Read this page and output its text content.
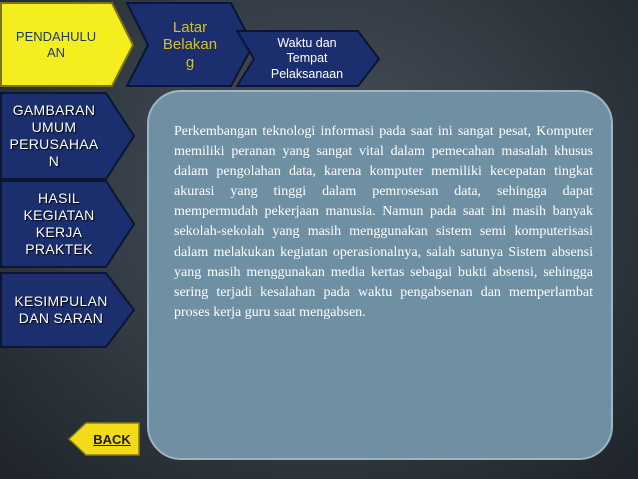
PENDAHULU
AN
Latar
Belakan
g
Waktu dan
Tempat
Pelaksanaan
GAMBARAN
UMUM
PERUSAHAA
N
HASIL
KEGIATAN
KERJA
PRAKTEK
KESIMPULAN
DAN SARAN

Perkembangan teknologi informasi pada saat ini sangat pesat, Komputer memiliki peranan yang sangat vital dalam pemecahan masalah khusus dalam pengolahan data, karena komputer memiliki kecepatan tingkat akurasi yang tinggi dalam pemrosesan data, sehingga dapat mempermudah pekerjaan manusia. Namun pada saat ini masih banyak sekolah-sekolah yang masih menggunakan sistem semi komputerisasi dalam melakukan kegiatan operasionalnya, salah satunya Sistem absensi yang masih menggunakan media kertas sebagai bukti absensi, sehingga sering terjadi kesalahan pada waktu pengabsenan dan memperlambat proses kerja guru saat mengabsen.

BACK
